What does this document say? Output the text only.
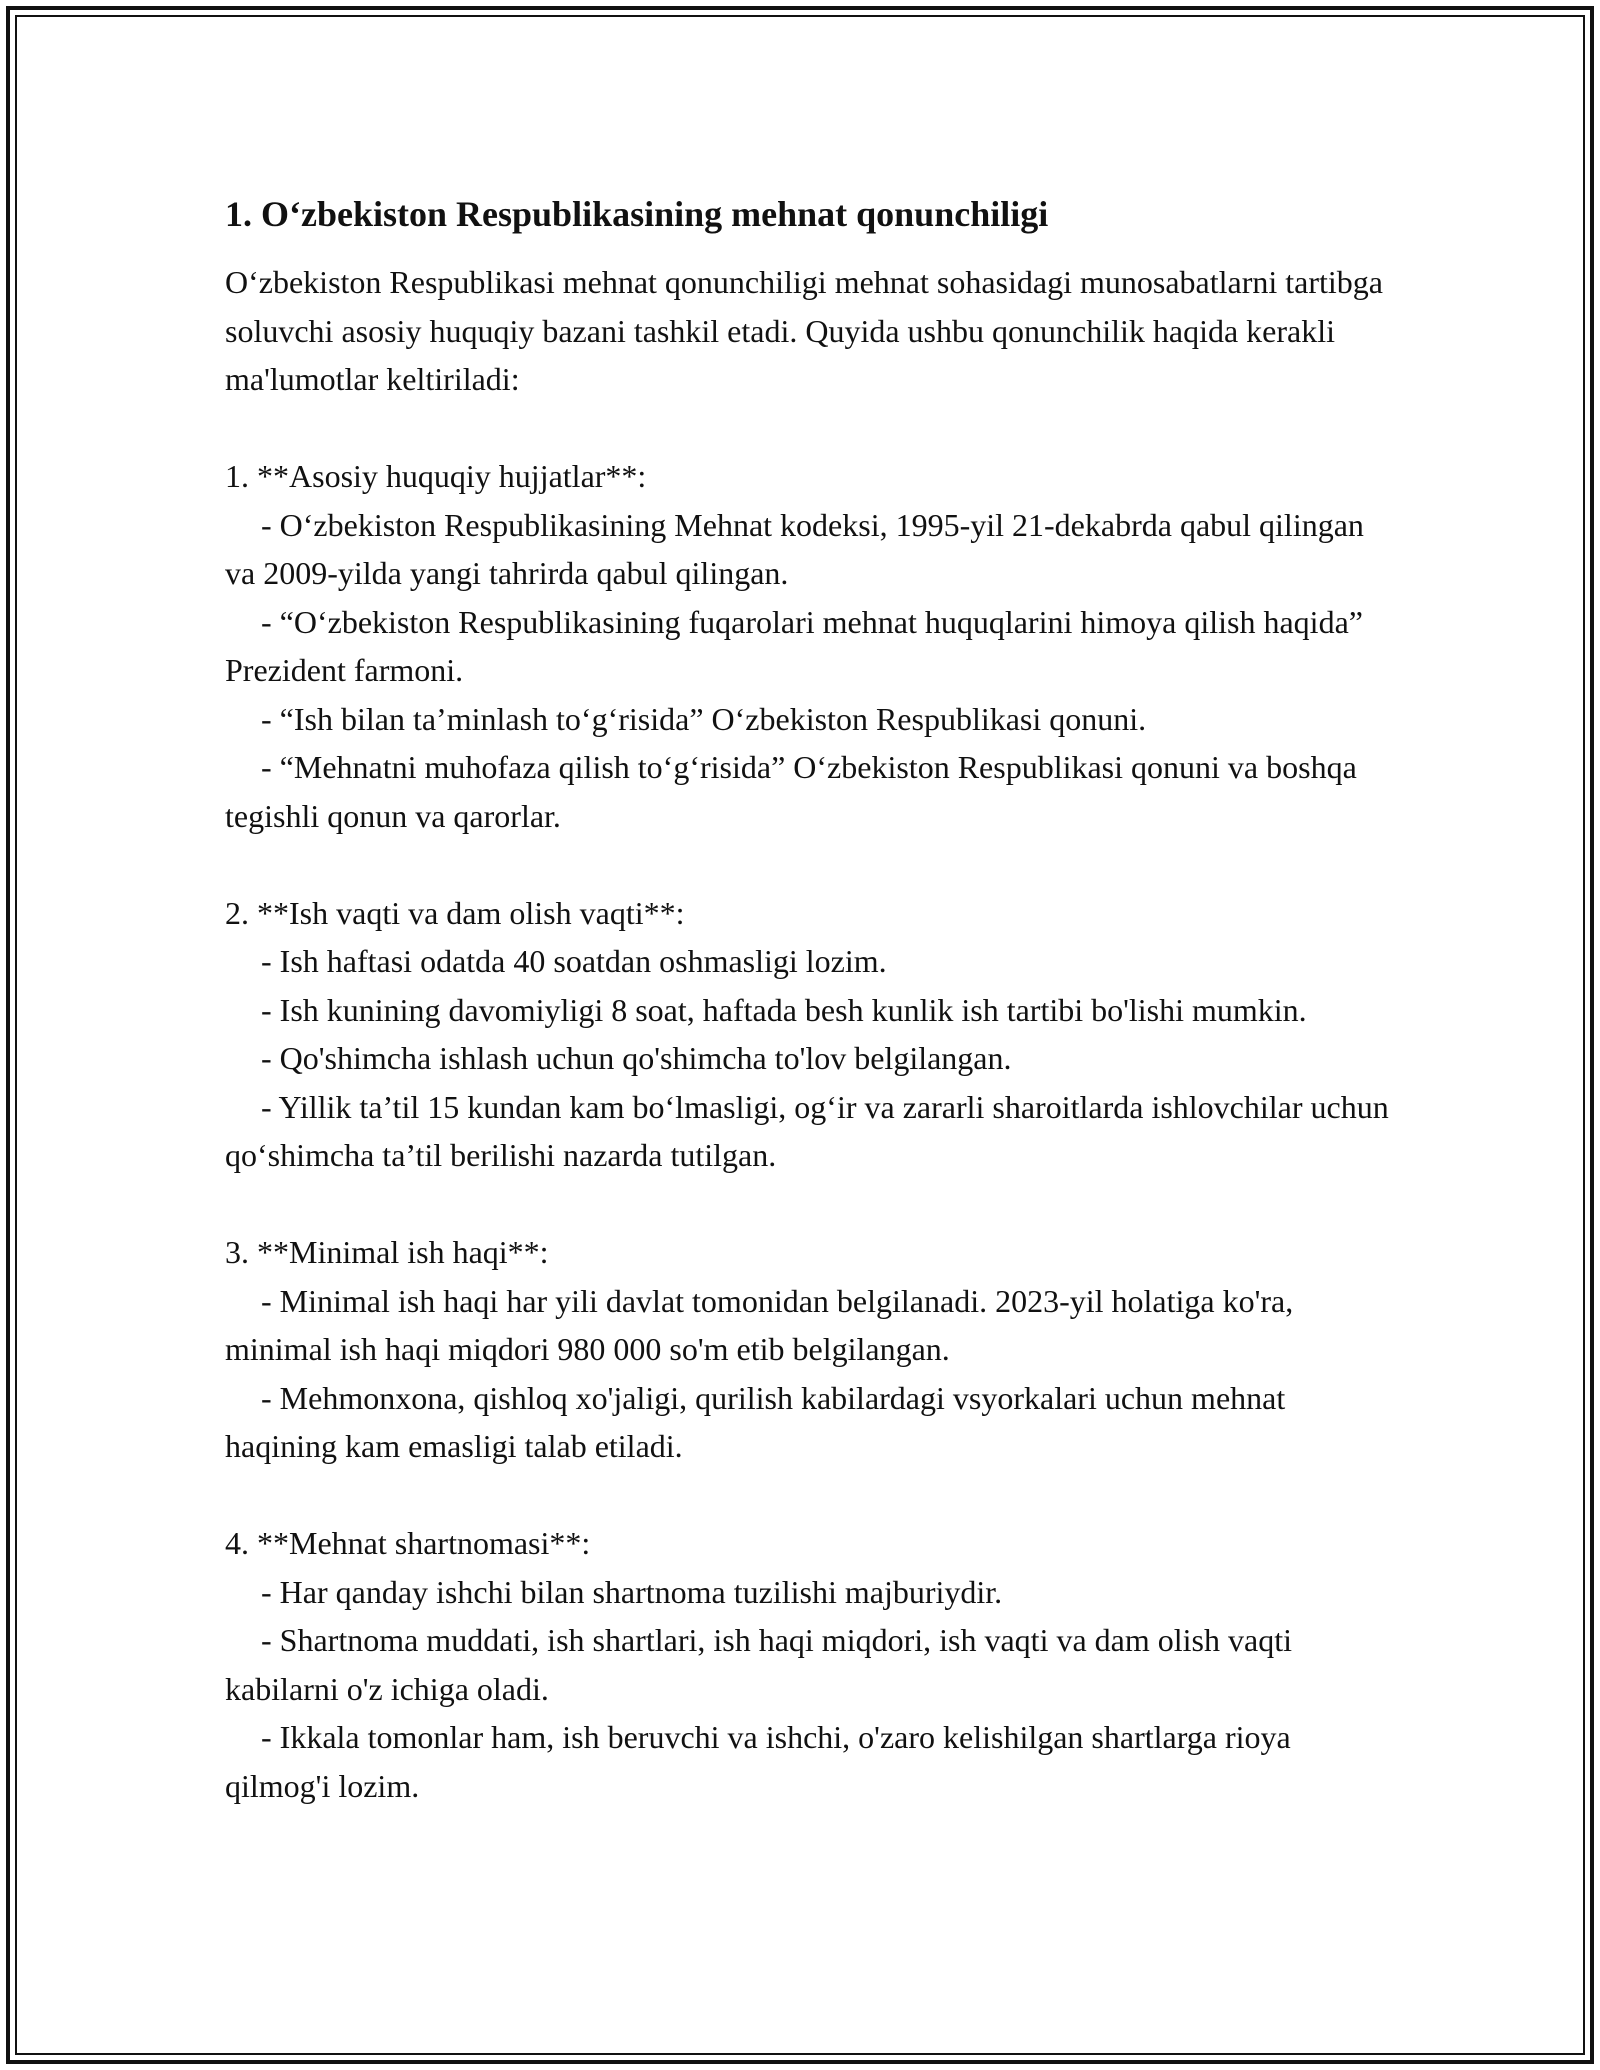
1. O‘zbekiston Respublikasining mehnat qonunchiligi

O‘zbekiston Respublikasi mehnat qonunchiligi mehnat sohasidagi munosabatlarni tartibga soluvchi asosiy huquqiy bazani tashkil etadi. Quyida ushbu qonunchilik haqida kerakli ma'lumotlar keltiriladi:

1. **Asosiy huquqiy hujjatlar**:

- O‘zbekiston Respublikasining Mehnat kodeksi, 1995-yil 21-dekabrda qabul qilingan va 2009-yilda yangi tahrirda qabul qilingan.

- “O‘zbekiston Respublikasining fuqarolari mehnat huquqlarini himoya qilish haqida” Prezident farmoni.

- “Ish bilan ta’minlash to‘g‘risida” O‘zbekiston Respublikasi qonuni.

- “Mehnatni muhofaza qilish to‘g‘risida” O‘zbekiston Respublikasi qonuni va boshqa tegishli qonun va qarorlar.

2. **Ish vaqti va dam olish vaqti**:

- Ish haftasi odatda 40 soatdan oshmasligi lozim.

- Ish kunining davomiyligi 8 soat, haftada besh kunlik ish tartibi bo'lishi mumkin.

- Qo'shimcha ishlash uchun qo'shimcha to'lov belgilangan.

- Yillik ta’til 15 kundan kam bo‘lmasligi, og‘ir va zararli sharoitlarda ishlovchilar uchun qo‘shimcha ta’til berilishi nazarda tutilgan.

3. **Minimal ish haqi**:

- Minimal ish haqi har yili davlat tomonidan belgilanadi. 2023-yil holatiga ko'ra, minimal ish haqi miqdori 980 000 so'm etib belgilangan.

- Mehmonxona, qishloq xo'jaligi, qurilish kabilardagi vsyorkalari uchun mehnat haqining kam emasligi talab etiladi.

4. **Mehnat shartnomasi**:

- Har qanday ishchi bilan shartnoma tuzilishi majburiydir.

- Shartnoma muddati, ish shartlari, ish haqi miqdori, ish vaqti va dam olish vaqti kabilarni o'z ichiga oladi.

- Ikkala tomonlar ham, ish beruvchi va ishchi, o'zaro kelishilgan shartlarga rioya qilmog'i lozim.
